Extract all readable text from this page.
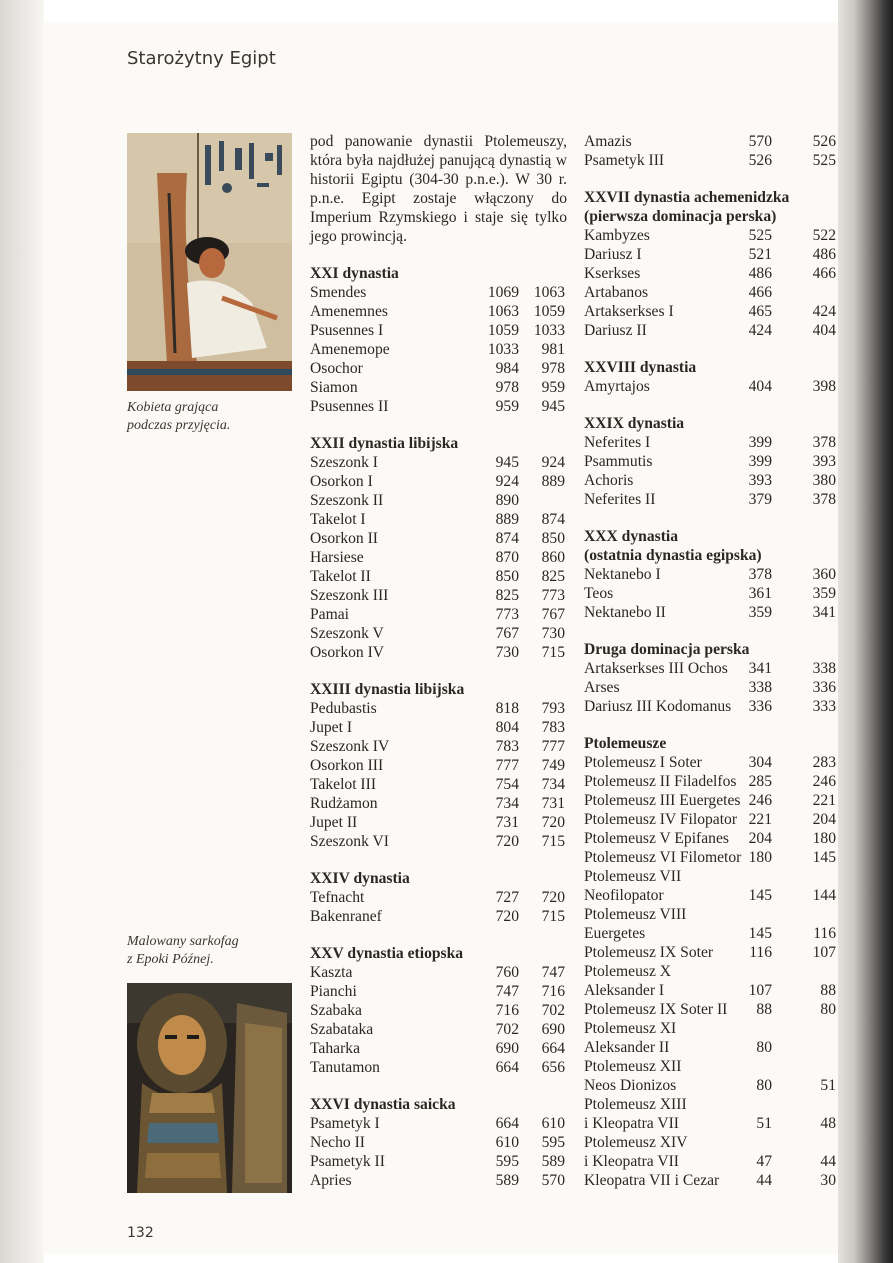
Starożytny Egipt
Kobieta grająca
podczas przyjęcia.
Malowany sarkofag
z Epoki Późnej.

pod panowanie dynastii Ptolemeuszy, która była najdłużej panującą dynastią w historii Egiptu (304-30 p.n.e.). W 30 r. p.n.e. Egipt zostaje włączony do Imperium Rzymskiego i staje się tylko jego prowincją.

XXI dynastia
Smendes	1069 1063
Amenemnes	1063 1059
Psusennes I	1059 1033
Amenemope	1033 981
Osochor	984 978
Siamon	978 959
Psusennes II	959 945
XXII dynastia libijska
Szeszonk I	945 924
Osorkon I	924 889
Szeszonk II	890
Takelot I	889 874
Osorkon II	874 850
Harsiese	870 860
Takelot II	850 825
Szeszonk III	825 773
Pamai	773 767
Szeszonk V	767 730
Osorkon IV	730 715
XXIII dynastia libijska
Pedubastis	818 793
Jupet I	804 783
Szeszonk IV	783 777
Osorkon III	777 749
Takelot III	754 734
Rudżamon	734 731
Jupet II	731 720
Szeszonk VI	720 715
XXIV dynastia
Tefnacht	727 720
Bakenranef	720 715
XXV dynastia etiopska
Kaszta	760 747
Pianchi	747 716
Szabaka	716 702
Szabataka	702 690
Taharka	690 664
Tanutamon	664 656
XXVI dynastia saicka
Psametyk I	664 610
Necho II	610 595
Psametyk II	595 589
Apries	589 570
Amazis	570	526
Psametyk III	526	525
XXVII dynastia achemenidzka
(pierwsza dominacja perska)
Kambyzes	525	522
Dariusz I	521	486
Kserkses	486	466
Artabanos	466
Artakserkses I	465	424
Dariusz II	424	404
XXVIII dynastia
Amyrtajos	404	398
XXIX dynastia
Neferites I	399	378
Psammutis	399	393
Achoris	393	380
Neferites II	379	378
XXX dynastia
(ostatnia dynastia egipska)
Nektanebo I	378	360
Teos	361	359
Nektanebo II	359	341
Druga dominacja perska
Artakserkses III Ochos 341	338
Arses	338	336
Dariusz III Kodomanus 336	333
Ptolemeusze
Ptolemeusz I Soter	304	283
Ptolemeusz II Filadelfos 285	246
Ptolemeusz III Euergetes 246	221
Ptolemeusz IV Filopator 221	204
Ptolemeusz V Epifanes 204	180
Ptolemeusz VI Filometor 180	145
Ptolemeusz VII
Neofilopator	145	144
Ptolemeusz VIII
Euergetes	145	116
Ptolemeusz IX Soter 116	107
Ptolemeusz X
Aleksander I	107	88
Ptolemeusz IX Soter II 88	80
Ptolemeusz XI
Aleksander II	80
Ptolemeusz XII
Neos Dionizos	80	51
Ptolemeusz XIII
i Kleopatra VII	51	48
Ptolemeusz XIV
i Kleopatra VII	47	44
Kleopatra VII i Cezar 44	30
132
